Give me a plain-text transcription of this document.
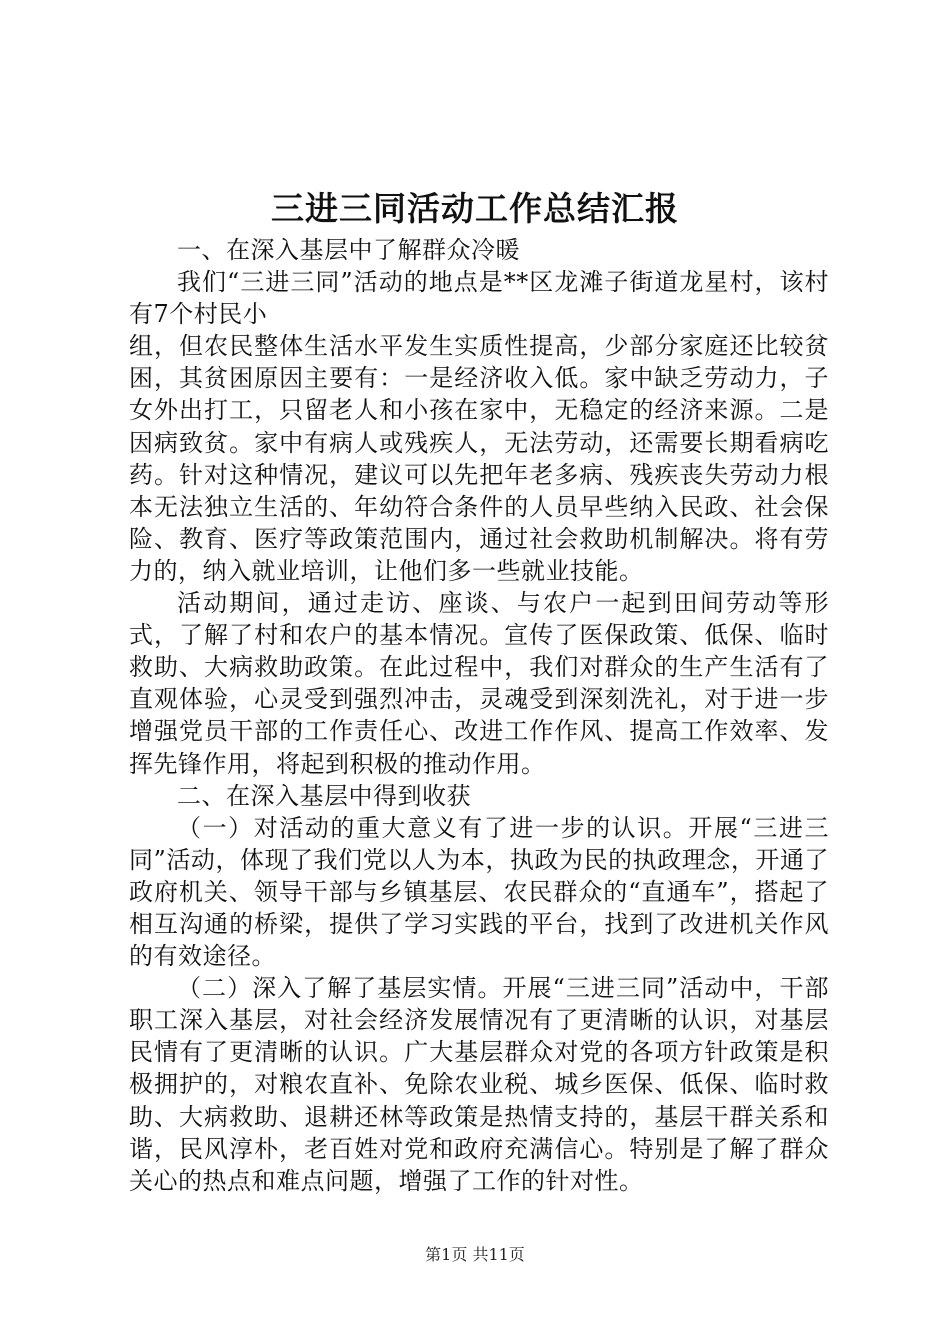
三进三同活动工作总结汇报

一、在深入基层中了解群众冷暖

我们“三进三同”活动的地点是**区龙滩子街道龙星村，该村有7个村民小

组，但农民整体生活水平发生实质性提高，少部分家庭还比较贫困，其贫困原因主要有：一是经济收入低。家中缺乏劳动力，子女外出打工，只留老人和小孩在家中，无稳定的经济来源。二是因病致贫。家中有病人或残疾人，无法劳动，还需要长期看病吃药。针对这种情况，建议可以先把年老多病、残疾丧失劳动力根本无法独立生活的、年幼符合条件的人员早些纳入民政、社会保险、教育、医疗等政策范围内，通过社会救助机制解决。将有劳力的，纳入就业培训，让他们多一些就业技能。

活动期间，通过走访、座谈、与农户一起到田间劳动等形式，了解了村和农户的基本情况。宣传了医保政策、低保、临时救助、大病救助政策。在此过程中，我们对群众的生产生活有了直观体验，心灵受到强烈冲击，灵魂受到深刻洗礼，对于进一步增强党员干部的工作责任心、改进工作作风、提高工作效率、发挥先锋作用，将起到积极的推动作用。

二、在深入基层中得到收获

（一）对活动的重大意义有了进一步的认识。开展“三进三同”活动，体现了我们党以人为本，执政为民的执政理念，开通了政府机关、领导干部与乡镇基层、农民群众的“直通车”，搭起了相互沟通的桥梁，提供了学习实践的平台，找到了改进机关作风的有效途径。

（二）深入了解了基层实情。开展“三进三同”活动中，干部职工深入基层，对社会经济发展情况有了更清晰的认识，对基层民情有了更清晰的认识。广大基层群众对党的各项方针政策是积极拥护的，对粮农直补、免除农业税、城乡医保、低保、临时救助、大病救助、退耕还林等政策是热情支持的，基层干群关系和谐，民风淳朴，老百姓对党和政府充满信心。特别是了解了群众关心的热点和难点问题，增强了工作的针对性。

第1页 共11页
